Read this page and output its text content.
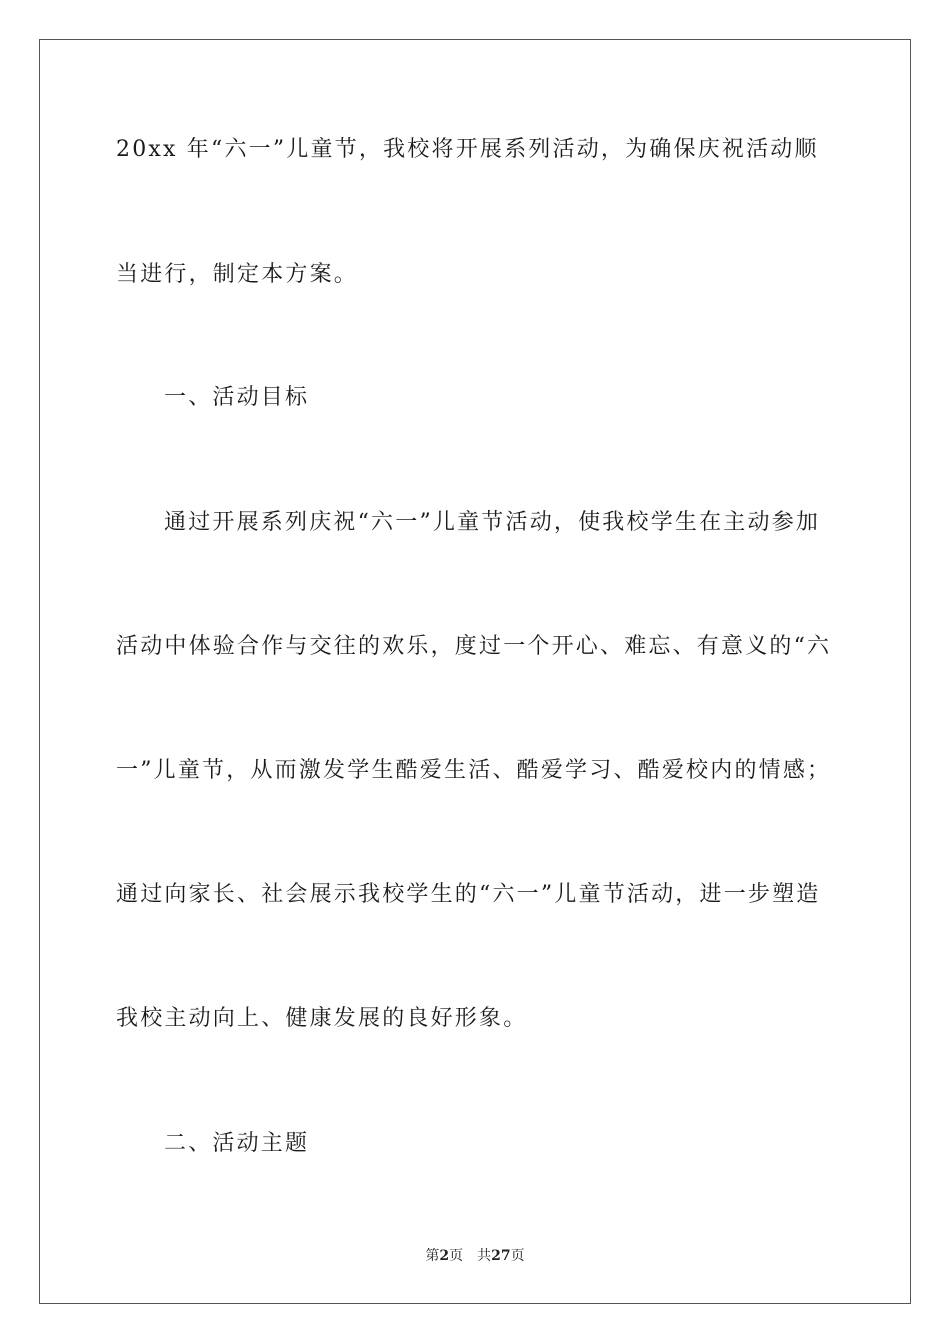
20xx 年“六一”儿童节，我校将开展系列活动，为确保庆祝活动顺
当进行，制定本方案。
一、活动目标
通过开展系列庆祝“六一”儿童节活动，使我校学生在主动参加
活动中体验合作与交往的欢乐，度过一个开心、难忘、有意义的“六
一”儿童节，从而激发学生酷爱生活、酷爱学习、酷爱校内的情感；
通过向家长、社会展示我校学生的“六一”儿童节活动，进一步塑造
我校主动向上、健康发展的良好形象。
二、活动主题
第2页 共27页
